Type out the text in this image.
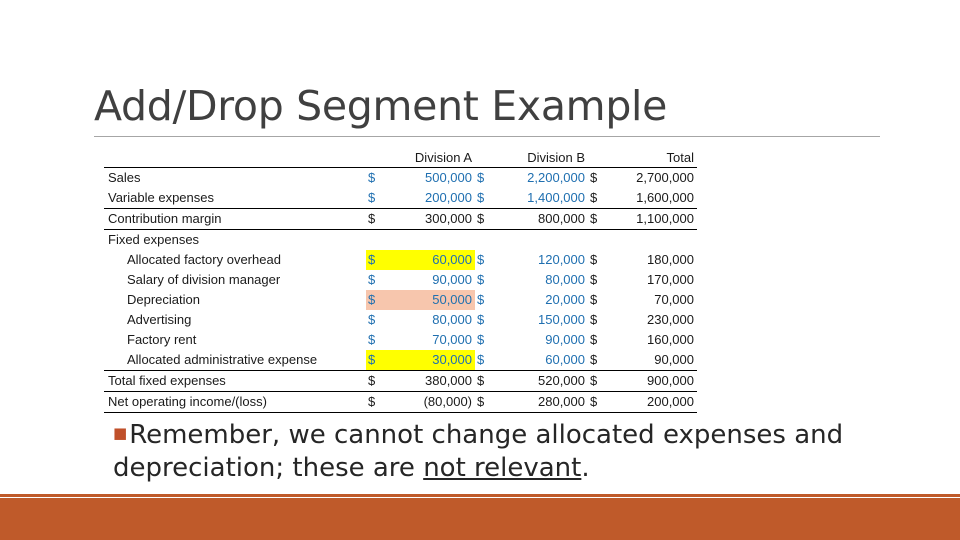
Add/Drop Segment Example
		Division A		Division B		Total
Sales	$	500,000	$	2,200,000	$	2,700,000
Variable expenses	$	200,000	$	1,400,000	$	1,600,000
Contribution margin	$	300,000	$	800,000	$	1,100,000
Fixed expenses						
Allocated factory overhead	$	60,000	$	120,000	$	180,000
Salary of division manager	$	90,000	$	80,000	$	170,000
Depreciation	$	50,000	$	20,000	$	70,000
Advertising	$	80,000	$	150,000	$	230,000
Factory rent	$	70,000	$	90,000	$	160,000
Allocated administrative expense	$	30,000	$	60,000	$	90,000
Total fixed expenses	$	380,000	$	520,000	$	900,000
Net operating income/(loss)	$	(80,000)	$	280,000	$	200,000
■Remember, we cannot change allocated expenses and depreciation; these are not relevant.
